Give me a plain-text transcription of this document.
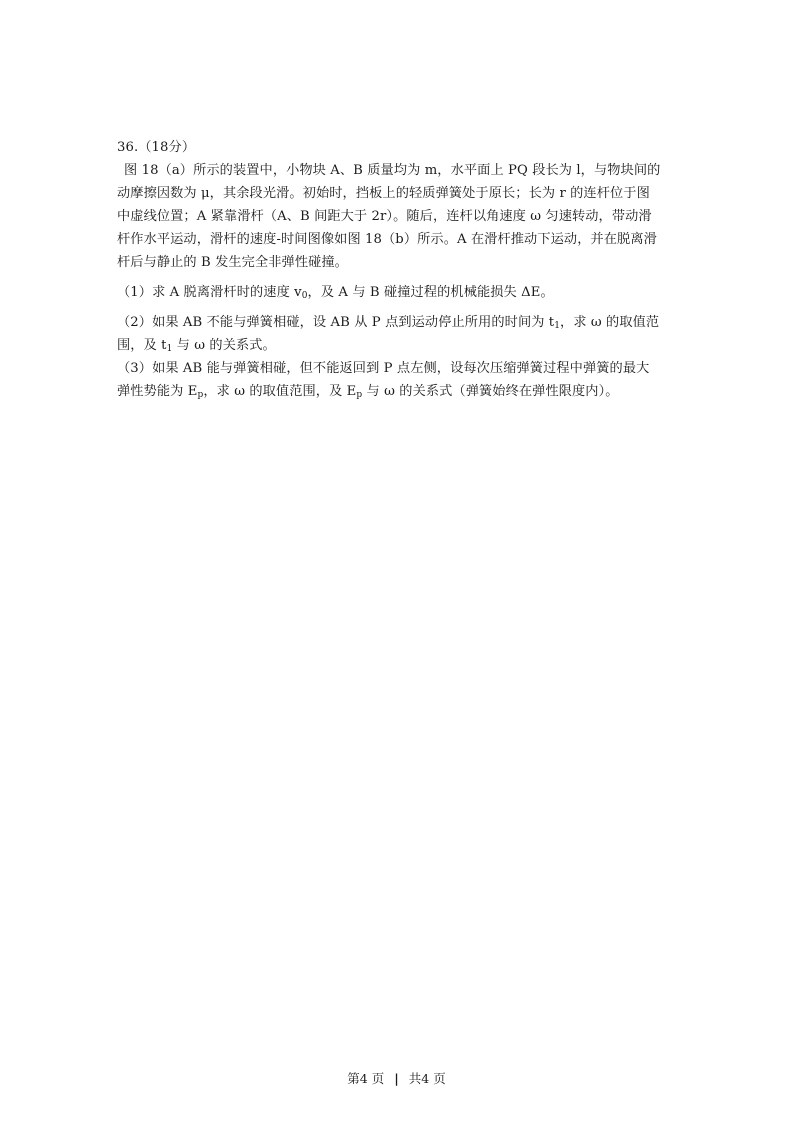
36.（18分）
图 18（a）所示的装置中，小物块 A、B 质量均为 m，水平面上 PQ 段长为 l，与物块间的
动摩擦因数为 μ，其余段光滑。初始时，挡板上的轻质弹簧处于原长；长为 r 的连杆位于图
中虚线位置；A 紧靠滑杆（A、B 间距大于 2r）。随后，连杆以角速度 ω 匀速转动，带动滑
杆作水平运动，滑杆的速度-时间图像如图 18（b）所示。A 在滑杆推动下运动，并在脱离滑
杆后与静止的 B 发生完全非弹性碰撞。
（1）求 A 脱离滑杆时的速度 $v_0$，及 A 与 B 碰撞过程的机械能损失 ΔE。
（2）如果 AB 不能与弹簧相碰，设 AB 从 P 点到运动停止所用的时间为 $t_1$，求 ω 的取值范
围，及 $t_1$ 与 ω 的关系式。
（3）如果 AB 能与弹簧相碰，但不能返回到 P 点左侧，设每次压缩弹簧过程中弹簧的最大
弹性势能为 $E_p$，求 ω 的取值范围，及 $E_p$ 与 ω 的关系式（弹簧始终在弹性限度内）。
第4 页 | 共4 页
